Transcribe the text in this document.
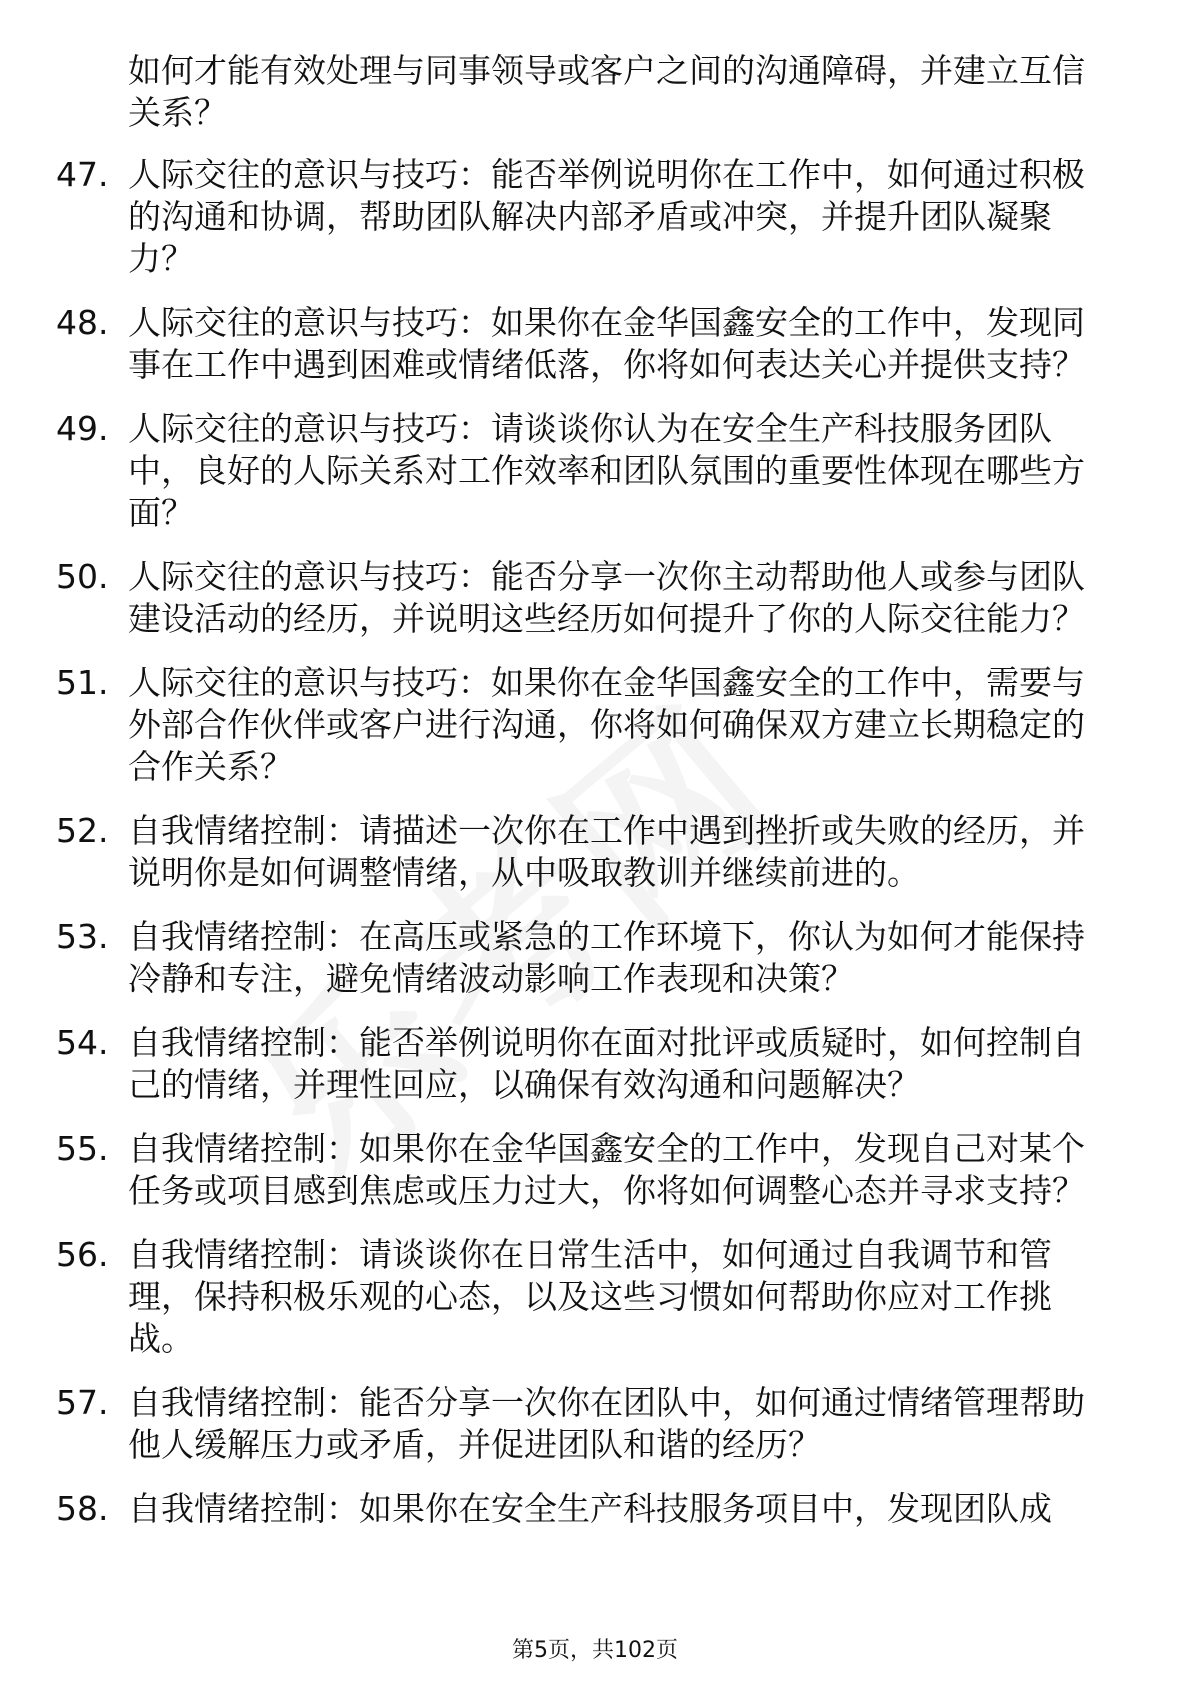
如何才能有效处理与同事领导或客户之间的沟通障碍，并建立互信关系？
47. 人际交往的意识与技巧：能否举例说明你在工作中，如何通过积极的沟通和协调，帮助团队解决内部矛盾或冲突，并提升团队凝聚力？
48. 人际交往的意识与技巧：如果你在金华国鑫安全的工作中，发现同事在工作中遇到困难或情绪低落，你将如何表达关心并提供支持？
49. 人际交往的意识与技巧：请谈谈你认为在安全生产科技服务团队中，良好的人际关系对工作效率和团队氛围的重要性体现在哪些方面？
50. 人际交往的意识与技巧：能否分享一次你主动帮助他人或参与团队建设活动的经历，并说明这些经历如何提升了你的人际交往能力？
51. 人际交往的意识与技巧：如果你在金华国鑫安全的工作中，需要与外部合作伙伴或客户进行沟通，你将如何确保双方建立长期稳定的合作关系？
52. 自我情绪控制：请描述一次你在工作中遇到挫折或失败的经历，并说明你是如何调整情绪，从中吸取教训并继续前进的。
53. 自我情绪控制：在高压或紧急的工作环境下，你认为如何才能保持冷静和专注，避免情绪波动影响工作表现和决策？
54. 自我情绪控制：能否举例说明你在面对批评或质疑时，如何控制自己的情绪，并理性回应，以确保有效沟通和问题解决？
55. 自我情绪控制：如果你在金华国鑫安全的工作中，发现自己对某个任务或项目感到焦虑或压力过大，你将如何调整心态并寻求支持？
56. 自我情绪控制：请谈谈你在日常生活中，如何通过自我调节和管理，保持积极乐观的心态，以及这些习惯如何帮助你应对工作挑战。
57. 自我情绪控制：能否分享一次你在团队中，如何通过情绪管理帮助他人缓解压力或矛盾，并促进团队和谐的经历？
58. 自我情绪控制：如果你在安全生产科技服务项目中，发现团队成
第5页，共102页
